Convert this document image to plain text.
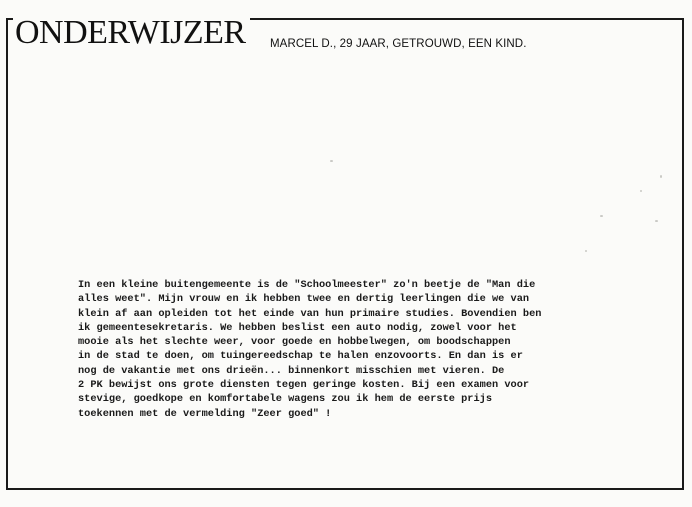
ONDERWIJZER	MARCEL D., 29 JAAR, GETROUWD, EEN KIND.
In een kleine buitengemeente is de "Schoolmeester" zo'n beetje de "Man die
alles weet". Mijn vrouw en ik hebben twee en dertig leerlingen die we van
klein af aan opleiden tot het einde van hun primaire studies. Bovendien ben
ik gemeentesekretaris. We hebben beslist een auto nodig, zowel voor het
mooie als het slechte weer, voor goede en hobbelwegen, om boodschappen
in de stad te doen, om tuingereedschap te halen enzovoorts. En dan is er
nog de vakantie met ons drieën... binnenkort misschien met vieren. De
2 PK bewijst ons grote diensten tegen geringe kosten. Bij een examen voor
stevige, goedkope en komfortabele wagens zou ik hem de eerste prijs
toekennen met de vermelding "Zeer goed" !
